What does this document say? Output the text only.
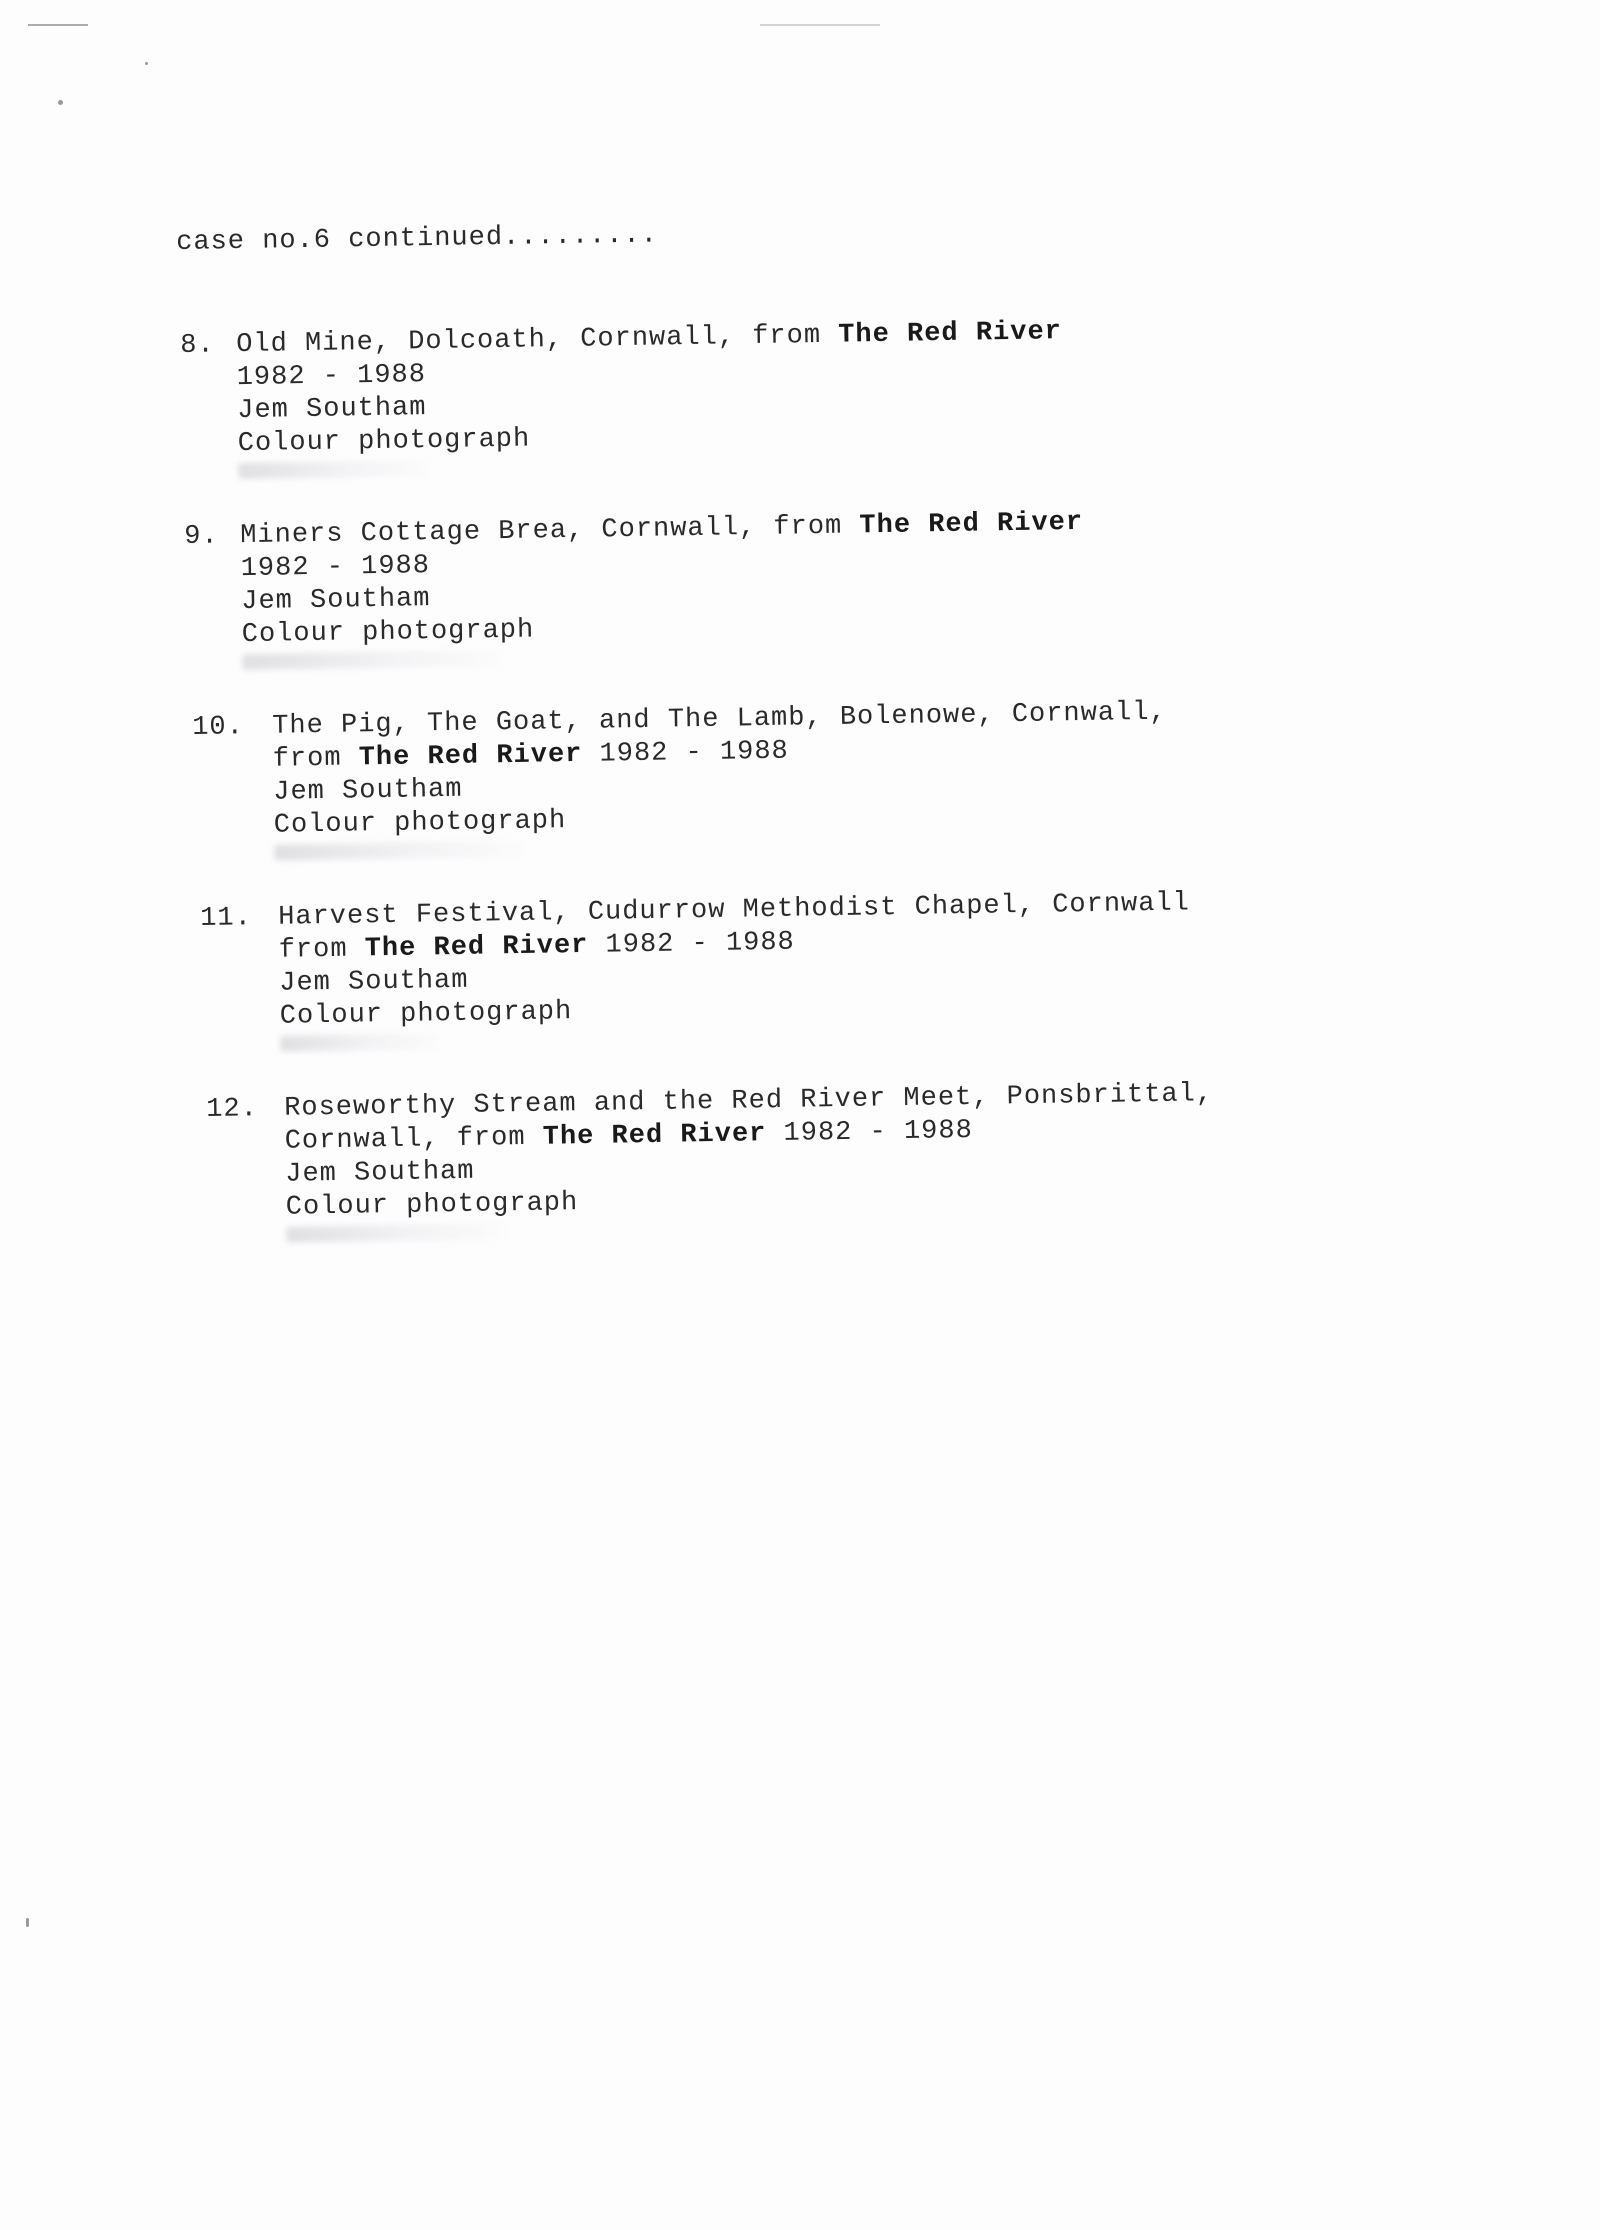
case no.6 continued.........
8. Old Mine, Dolcoath, Cornwall, from The Red River
1982 - 1988
Jem Southam
Colour photograph
9. Miners Cottage Brea, Cornwall, from The Red River
1982 - 1988
Jem Southam
Colour photograph
10. The Pig, The Goat, and The Lamb, Bolenowe, Cornwall,
from The Red River 1982 - 1988
Jem Southam
Colour photograph
11. Harvest Festival, Cudurrow Methodist Chapel, Cornwall
from The Red River 1982 - 1988
Jem Southam
Colour photograph
12. Roseworthy Stream and the Red River Meet, Ponsbrittal,
Cornwall, from The Red River 1982 - 1988
Jem Southam
Colour photograph
